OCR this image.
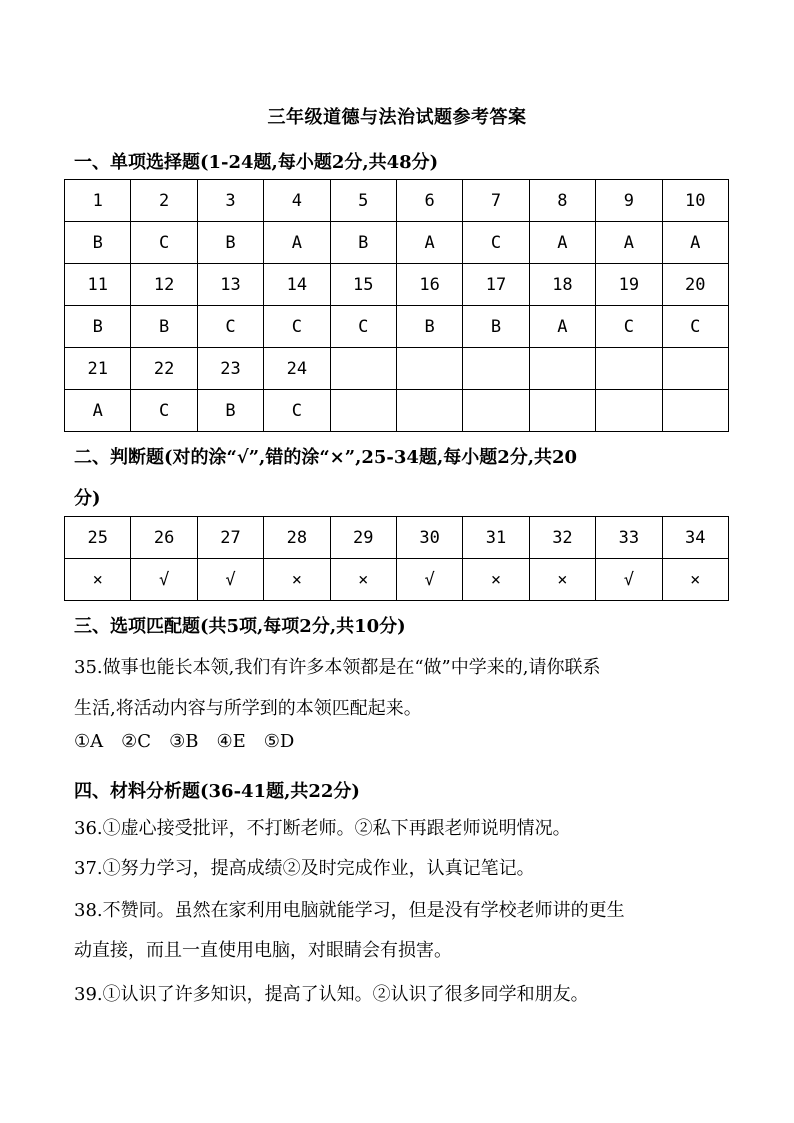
三年级道德与法治试题参考答案
一、单项选择题(1-24题,每小题2分,共48分)
1	2	3	4	5	6	7	8	9	10
B	C	B	A	B	A	C	A	A	A
11	12	13	14	15	16	17	18	19	20
B	B	C	C	C	B	B	A	C	C
21	22	23	24						
A	C	B	C						
二、判断题(对的涂“√”,错的涂“×”,25-34题,每小题2分,共20
分)
25	26	27	28	29	30	31	32	33	34
×	√	√	×	×	√	×	×	√	×
三、选项匹配题(共5项,每项2分,共10分)
35.做事也能长本领,我们有许多本领都是在“做”中学来的,请你联系
生活,将活动内容与所学到的本领匹配起来。
①A ②C ③B ④E ⑤D
四、材料分析题(36-41题,共22分)
36.①虚心接受批评，不打断老师。②私下再跟老师说明情况。
37.①努力学习，提高成绩②及时完成作业，认真记笔记。
38.不赞同。虽然在家利用电脑就能学习，但是没有学校老师讲的更生
动直接，而且一直使用电脑，对眼睛会有损害。
39.①认识了许多知识，提高了认知。②认识了很多同学和朋友。
